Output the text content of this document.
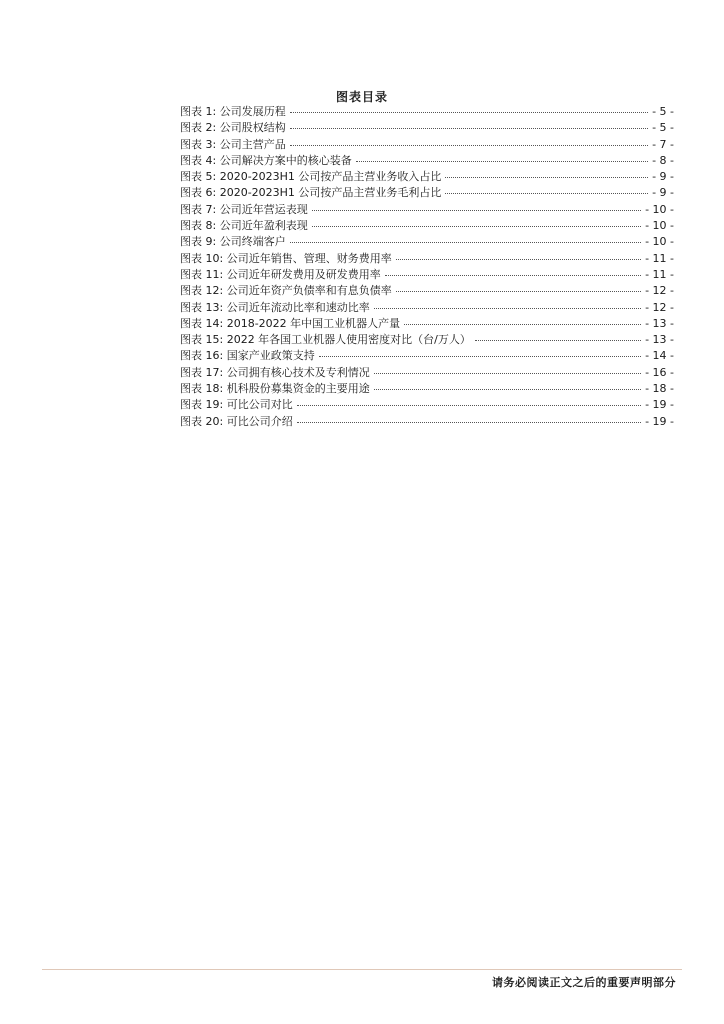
图表目录
图表 1: 公司发展历程	- 5 -
图表 2: 公司股权结构	- 5 -
图表 3: 公司主营产品	- 7 -
图表 4: 公司解决方案中的核心装备	- 8 -
图表 5: 2020-2023H1 公司按产品主营业务收入占比	- 9 -
图表 6: 2020-2023H1 公司按产品主营业务毛利占比	- 9 -
图表 7: 公司近年营运表现	- 10 -
图表 8: 公司近年盈利表现	- 10 -
图表 9: 公司终端客户	- 10 -
图表 10: 公司近年销售、管理、财务费用率	- 11 -
图表 11: 公司近年研发费用及研发费用率	- 11 -
图表 12: 公司近年资产负债率和有息负债率	- 12 -
图表 13: 公司近年流动比率和速动比率	- 12 -
图表 14: 2018-2022 年中国工业机器人产量	- 13 -
图表 15: 2022 年各国工业机器人使用密度对比（台/万人）	- 13 -
图表 16: 国家产业政策支持	- 14 -
图表 17: 公司拥有核心技术及专利情况	- 16 -
图表 18: 机科股份募集资金的主要用途	- 18 -
图表 19: 可比公司对比	- 19 -
图表 20: 可比公司介绍	- 19 -
请务必阅读正文之后的重要声明部分
